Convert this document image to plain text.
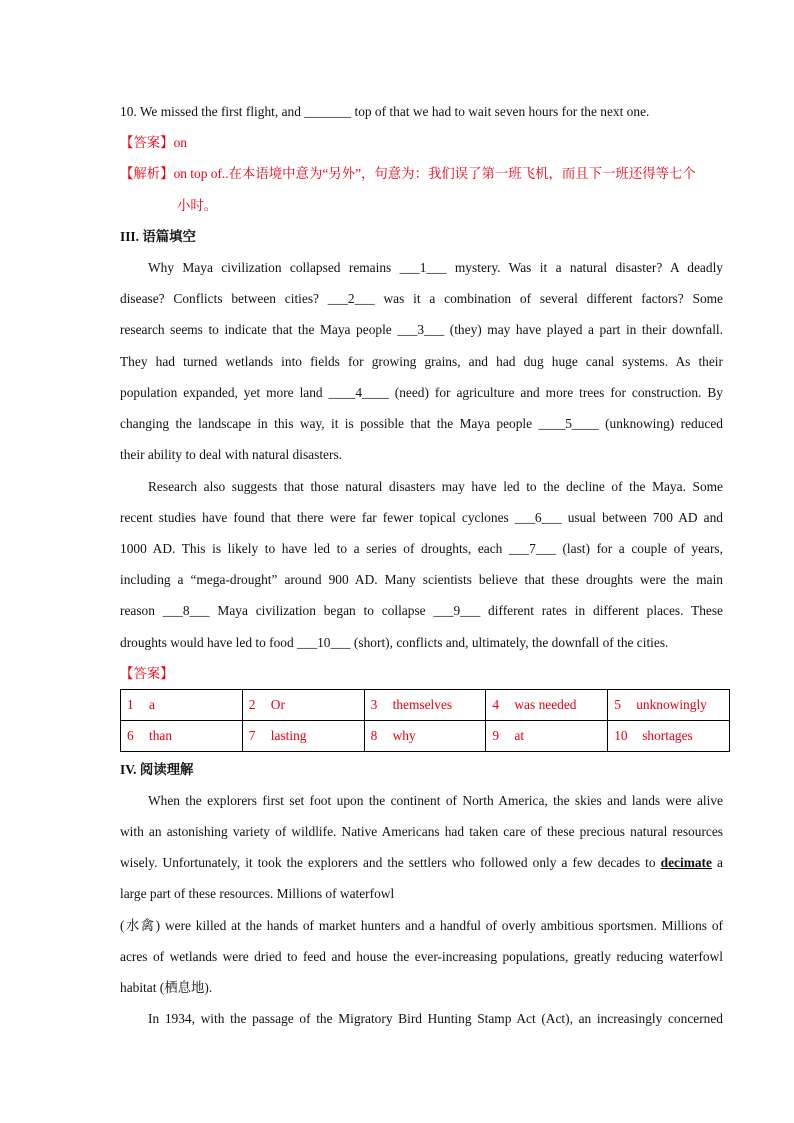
10. We missed the first flight, and _______ top of that we had to wait seven hours for the next one.
【答案】on
【解析】on top of..在本语境中意为“另外”，句意为：我们误了第一班飞机，而且下一班还得等七个
小时。
III. 语篇填空
Why Maya civilization collapsed remains ___1___ mystery. Was it a natural disaster? A deadly
disease? Conflicts between cities? ___2___ was it a combination of several different factors? Some
research seems to indicate that the Maya people ___3___ (they) may have played a part in their downfall.
They had turned wetlands into fields for growing grains, and had dug huge canal systems. As their
population expanded, yet more land ____4____ (need) for agriculture and more trees for construction. By
changing the landscape in this way, it is possible that the Maya people ____5____ (unknowing) reduced
their ability to deal with natural disasters.
Research also suggests that those natural disasters may have led to the decline of the Maya. Some
recent studies have found that there were far fewer topical cyclones ___6___ usual between 700 AD and
1000 AD. This is likely to have led to a series of droughts, each ___7___ (last) for a couple of years,
including a “mega-drought” around 900 AD. Many scientists believe that these droughts were the main
reason ___8___ Maya civilization began to collapse ___9___ different rates in different places. These
droughts would have led to food ___10___ (short), conflicts and, ultimately, the downfall of the cities.
【答案】
1 a	2 Or	3 themselves	4 was needed	5 unknowingly
6 than	7 lasting	8 why	9 at	10 shortages
IV. 阅读理解
When the explorers first set foot upon the continent of North America, the skies and lands were alive
with an astonishing variety of wildlife. Native Americans had taken care of these precious natural resources
wisely. Unfortunately, it took the explorers and the settlers who followed only a few decades to decimate a
large part of these resources. Millions of waterfowl
(水禽) were killed at the hands of market hunters and a handful of overly ambitious sportsmen. Millions of
acres of wetlands were dried to feed and house the ever-increasing populations, greatly reducing waterfowl
habitat (栖息地).
In 1934, with the passage of the Migratory Bird Hunting Stamp Act (Act), an increasingly concerned
